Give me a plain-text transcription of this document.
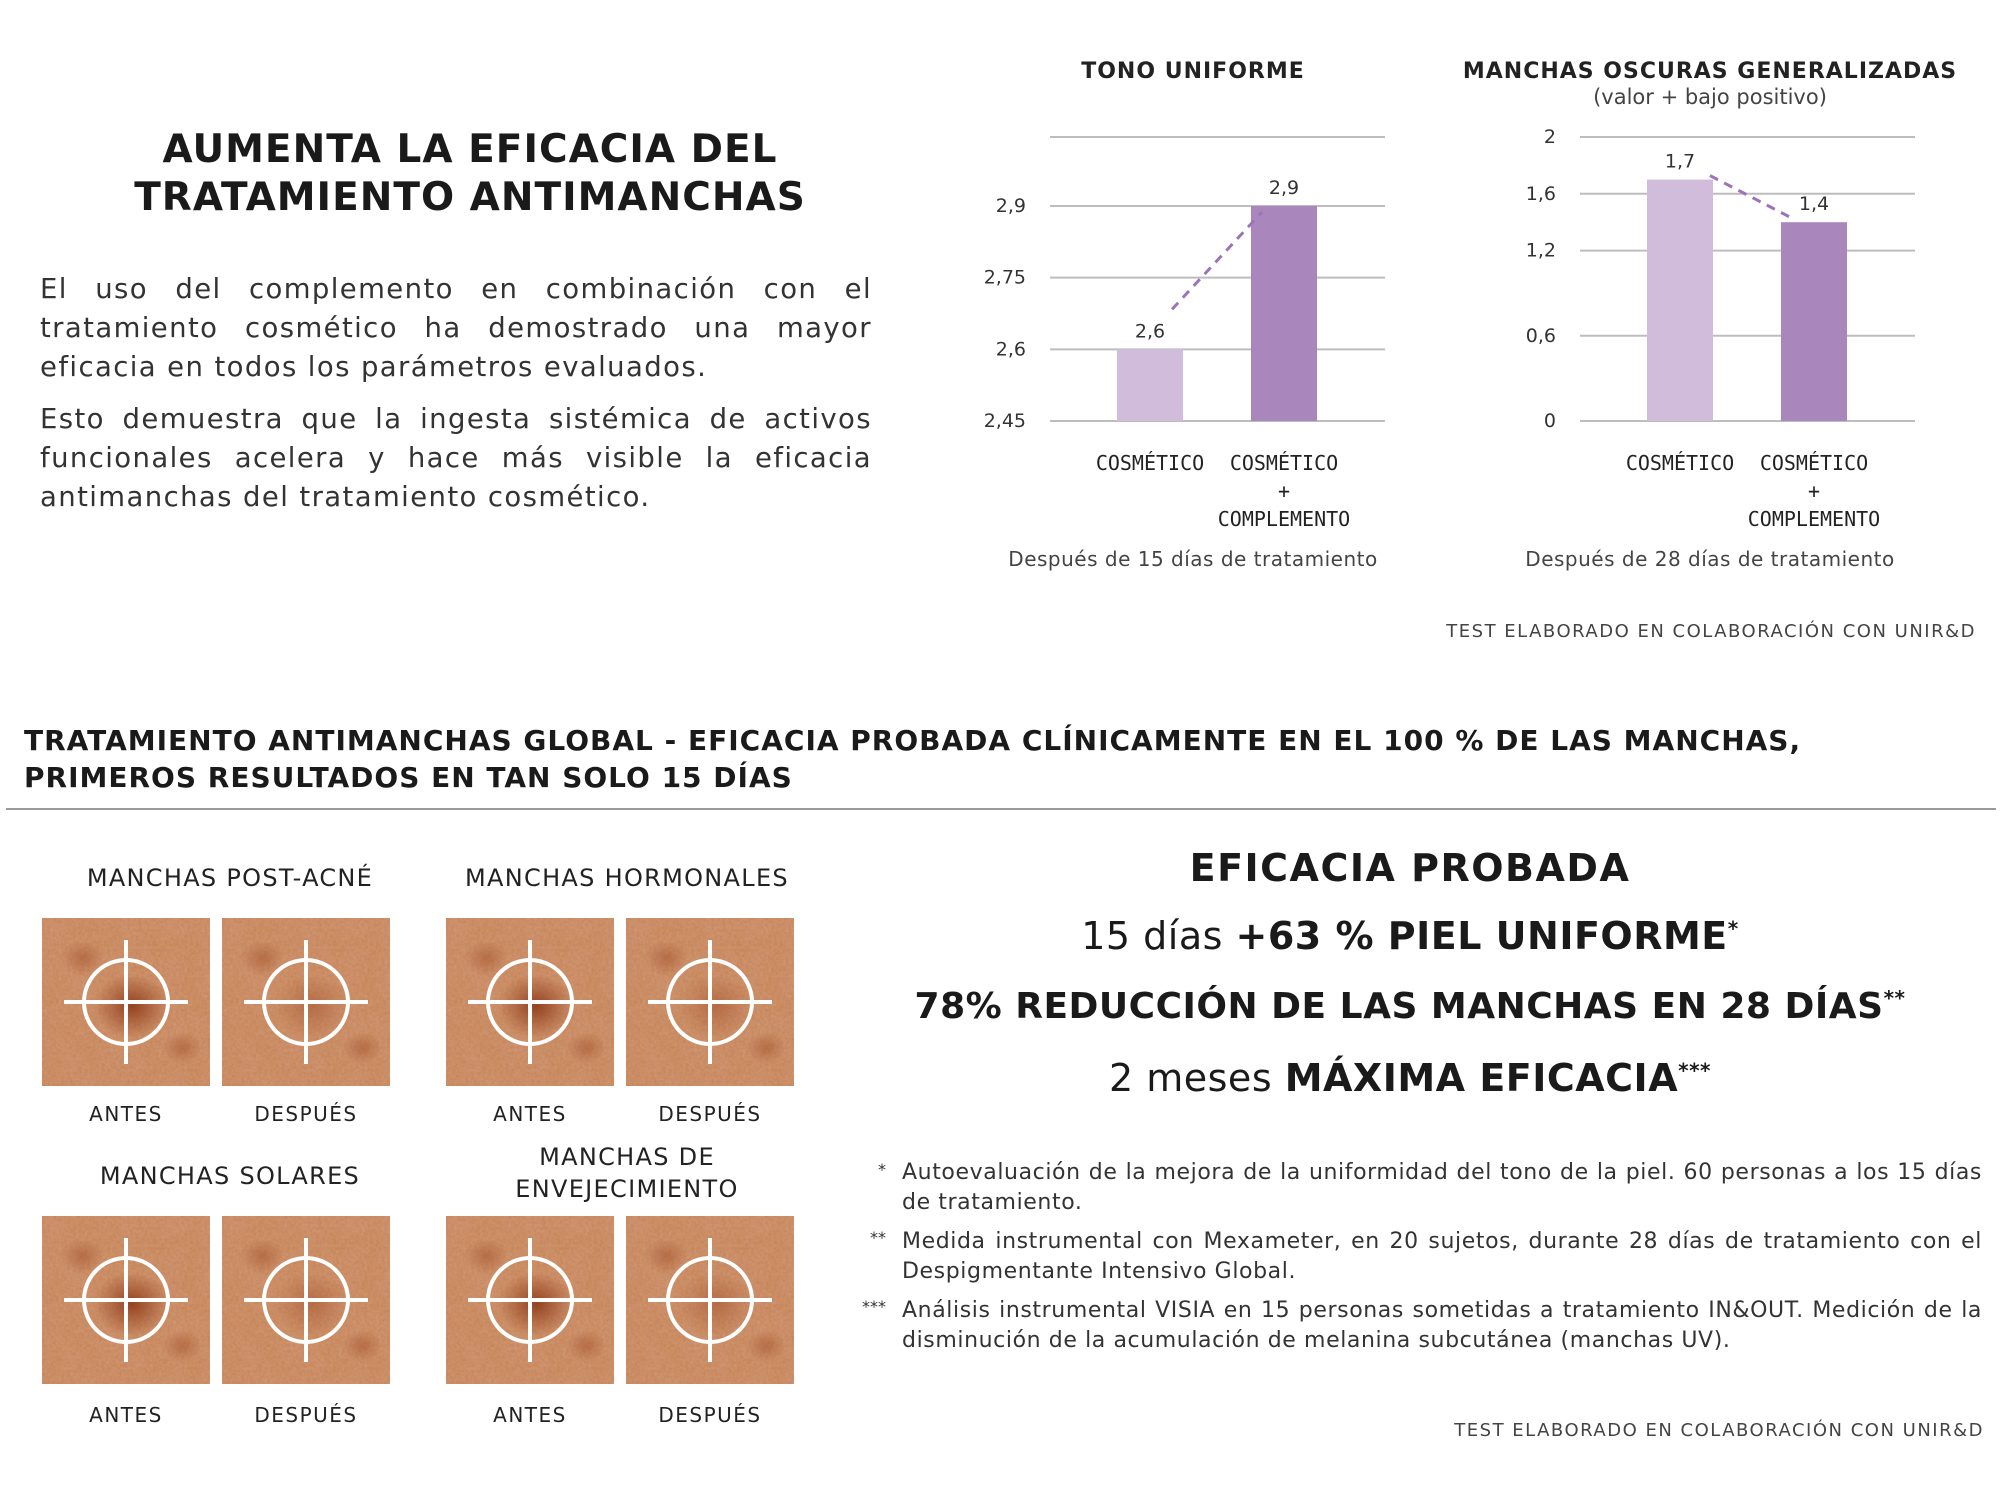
AUMENTA LA EFICACIA DEL
TRATAMIENTO ANTIMANCHAS
El uso del complemento en combinación con el tratamiento cosmético ha demostrado una mayor eficacia en todos los parámetros evaluados.
Esto demuestra que la ingesta sistémica de activos funcionales acelera y hace más visible la eficacia antimanchas del tratamiento cosmético.
TONO UNIFORME
2,45
2,6
2,75
2,9
2,6
2,9
COSMÉTICO COSMÉTICO
+
COMPLEMENTO
Después de 15 días de tratamiento
MANCHAS OSCURAS GENERALIZADAS
(valor + bajo positivo)
0
0,6
1,2
1,6
2
1,7
1,4
COSMÉTICO COSMÉTICO
+
COMPLEMENTO
Después de 28 días de tratamiento
TEST ELABORADO EN COLABORACIÓN CON UNIR&D
TRATAMIENTO ANTIMANCHAS GLOBAL - EFICACIA PROBADA CLÍNICAMENTE EN EL 100 % DE LAS MANCHAS,
PRIMEROS RESULTADOS EN TAN SOLO 15 DÍAS
MANCHAS POST-ACNÉ
ANTES	DESPUÉS
MANCHAS HORMONALES
ANTES	DESPUÉS
MANCHAS SOLARES
ANTES	DESPUÉS
MANCHAS DE
ENVEJECIMIENTO
ANTES	DESPUÉS
EFICACIA PROBADA
15 días +63 % PIEL UNIFORME*
78% REDUCCIÓN DE LAS MANCHAS EN 28 DÍAS**
2 meses MÁXIMA EFICACIA***
* Autoevaluación de la mejora de la uniformidad del tono de la piel. 60 personas a los 15 días de tratamiento.
** Medida instrumental con Mexameter, en 20 sujetos, durante 28 días de tratamiento con el Despigmentante Intensivo Global.
*** Análisis instrumental VISIA en 15 personas sometidas a tratamiento IN&OUT. Medición de la disminución de la acumulación de melanina subcutánea (manchas UV).
TEST ELABORADO EN COLABORACIÓN CON UNIR&D
